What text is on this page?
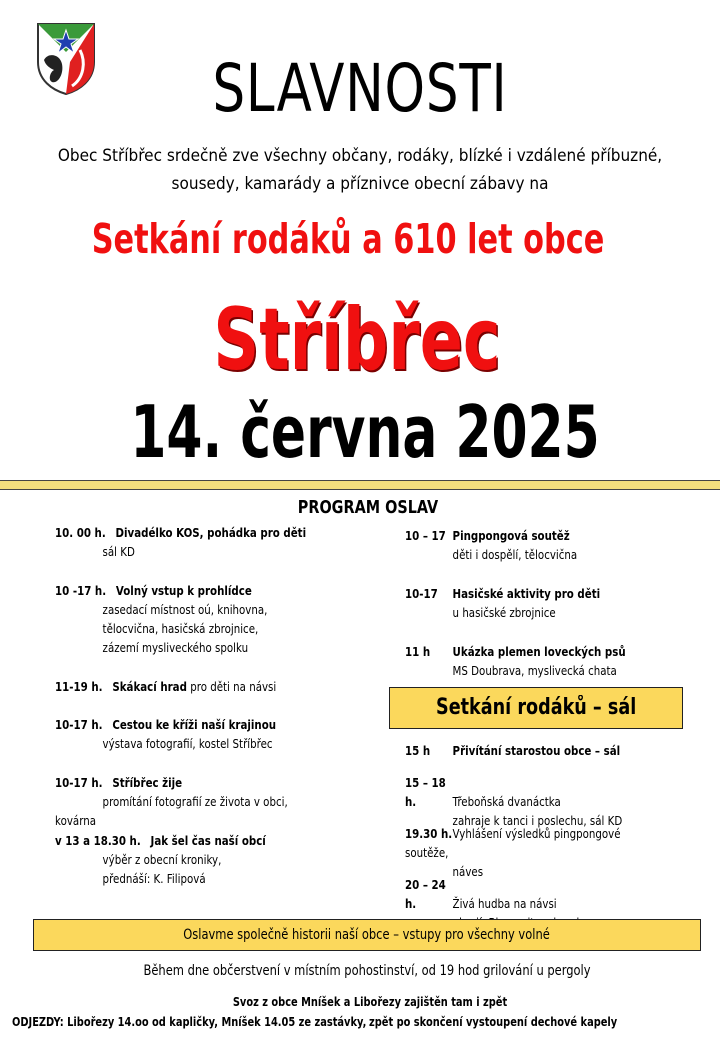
SLAVNOSTI
Obec Stříbřec srdečně zve všechny občany, rodáky, blízké i vzdálené příbuzné,
sousedy, kamarády a příznivce obecní zábavy na
Setkání rodáků a 610 let obce
Stříbřec
14. června 2025
PROGRAM OSLAV
10. 00 h. Divadélko KOS, pohádka pro děti
sál KD
10 -17 h. Volný vstup k prohlídce
zasedací místnost oú, knihovna,
tělocvična, hasičská zbrojnice,
zázemí mysliveckého spolku
11-19 h. Skákací hrad pro děti na návsi
10-17 h. Cestou ke kříži naší krajinou
výstava fotografií, kostel Stříbřec
10-17 h. Stříbřec žije
promítání fotografií ze života v obci, kovárna
v 13 a 18.30 h. Jak šel čas naší obcí
výběr z obecní kroniky,
přednáší: K. Filipová
10 – 17 Pingpongová soutěž
děti i dospělí, tělocvična
10-17 Hasičské aktivity pro děti
u hasičské zbrojnice
11 h Ukázka plemen loveckých psů
MS Doubrava, myslivecká chata
Setkání rodáků – sál
15 h Přivítání starostou obce – sál
15 – 18 h.	Třeboňská dvanáctka
zahraje k tanci i poslechu, sál KD
19.30 h.Vyhlášení výsledků pingpongové soutěže,
náves
20 – 24 h.	Živá hudba na návsi

Oslavme společně historii naší obce – vstupy pro všechny volné
Během dne občerstvení v místním pohostinství, od 19 hod grilování u pergoly
Svoz z obce Mníšek a Libořezy zajištěn tam i zpět
ODJEZDY: Libořezy 14.oo od kapličky, Mníšek 14.05 ze zastávky, zpět po skončení vystoupení dechové kapely
